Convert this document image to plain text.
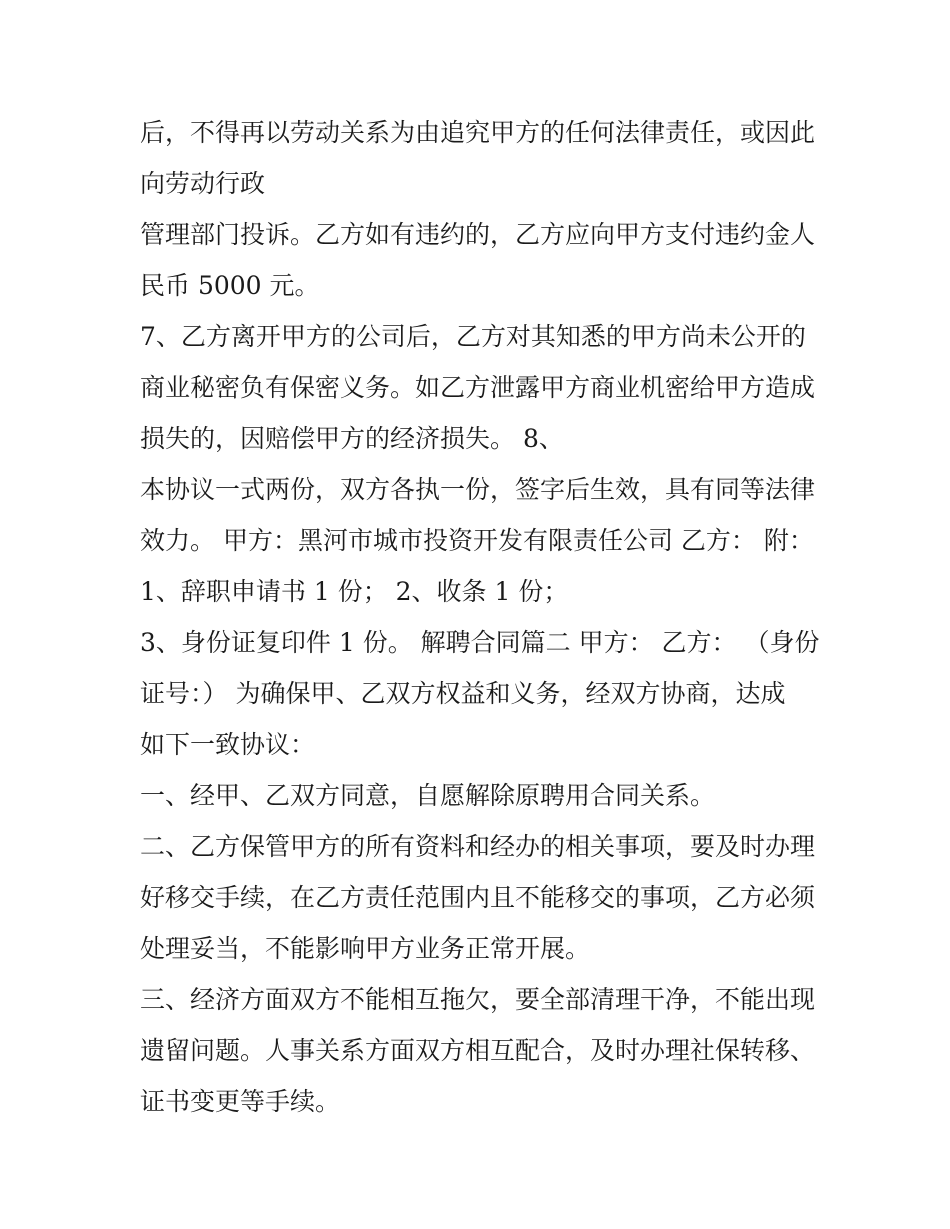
后，不得再以劳动关系为由追究甲方的任何法律责任，或因此

向劳动行政

管理部门投诉。乙方如有违约的，乙方应向甲方支付违约金人

民币 5000 元。

7、乙方离开甲方的公司后，乙方对其知悉的甲方尚未公开的

商业秘密负有保密义务。如乙方泄露甲方商业机密给甲方造成

损失的，因赔偿甲方的经济损失。 8、

本协议一式两份，双方各执一份，签字后生效，具有同等法律

效力。 甲方：黑河市城市投资开发有限责任公司 乙方： 附：

1、辞职申请书 1 份； 2、收条 1 份；

3、身份证复印件 1 份。 解聘合同篇二 甲方： 乙方： （身份

证号：） 为确保甲、乙双方权益和义务，经双方协商，达成

如下一致协议：

一、经甲、乙双方同意，自愿解除原聘用合同关系。

二、乙方保管甲方的所有资料和经办的相关事项，要及时办理

好移交手续，在乙方责任范围内且不能移交的事项，乙方必须

处理妥当，不能影响甲方业务正常开展。

三、经济方面双方不能相互拖欠，要全部清理干净，不能出现

遗留问题。人事关系方面双方相互配合，及时办理社保转移、

证书变更等手续。
